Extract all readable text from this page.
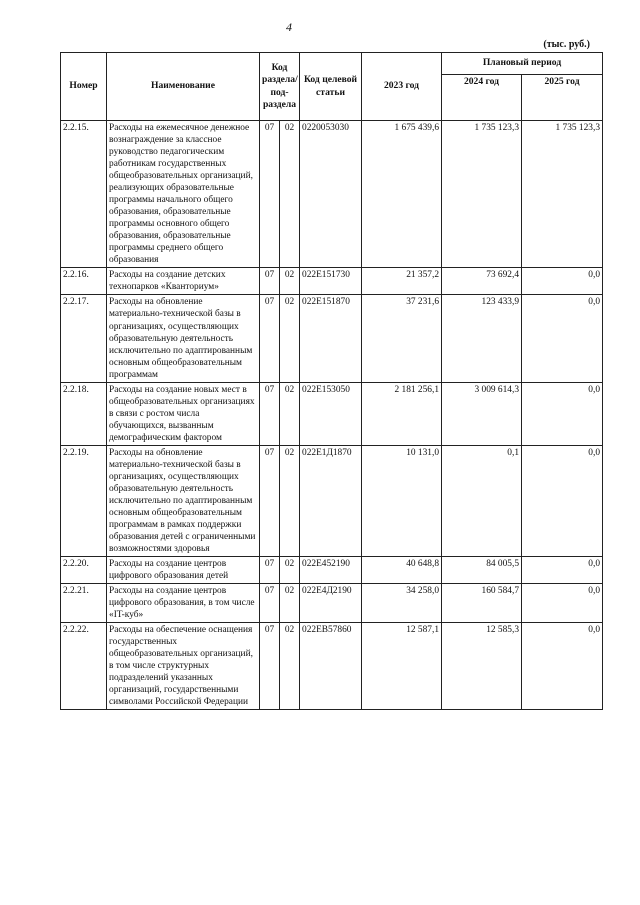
4
(тыс. руб.)
Номер	Наименование	Код раздела/ под-раздела		Код целевой статьи	2023 год	Плановый период	
						2024 год	2025 год
2.2.15.	Расходы на ежемесячное денежное вознаграждение за классное руководство педагогическим работникам государственных общеобразовательных организаций, реализующих образовательные программы начального общего образования, образовательные программы основного общего образования, образовательные программы среднего общего образования	07	02	0220053030	1 675 439,6	1 735 123,3	1 735 123,3
2.2.16.	Расходы на создание детских технопарков «Кванториум»	07	02	022E151730	21 357,2	73 692,4	0,0
2.2.17.	Расходы на обновление материально-технической базы в организациях, осуществляющих образовательную деятельность исключительно по адаптированным основным общеобразовательным программам	07	02	022E151870	37 231,6	123 433,9	0,0
2.2.18.	Расходы на создание новых мест в общеобразовательных организациях в связи с ростом числа обучающихся, вызванным демографическим фактором	07	02	022E153050	2 181 256,1	3 009 614,3	0,0
2.2.19.	Расходы на обновление материально-технической базы в организациях, осуществляющих образовательную деятельность исключительно по адаптированным основным общеобразовательным программам в рамках поддержки образования детей с ограниченными возможностями здоровья	07	02	022E1Д1870	10 131,0	0,1	0,0
2.2.20.	Расходы на создание центров цифрового образования детей	07	02	022E452190	40 648,8	84 005,5	0,0
2.2.21.	Расходы на создание центров цифрового образования, в том числе «IT-куб»	07	02	022E4Д2190	34 258,0	160 584,7	0,0
2.2.22.	Расходы на обеспечение оснащения государственных общеобразовательных организаций, в том числе структурных подразделений указанных организаций, государственными символами Российской Федерации	07	02	022EB57860	12 587,1	12 585,3	0,0
